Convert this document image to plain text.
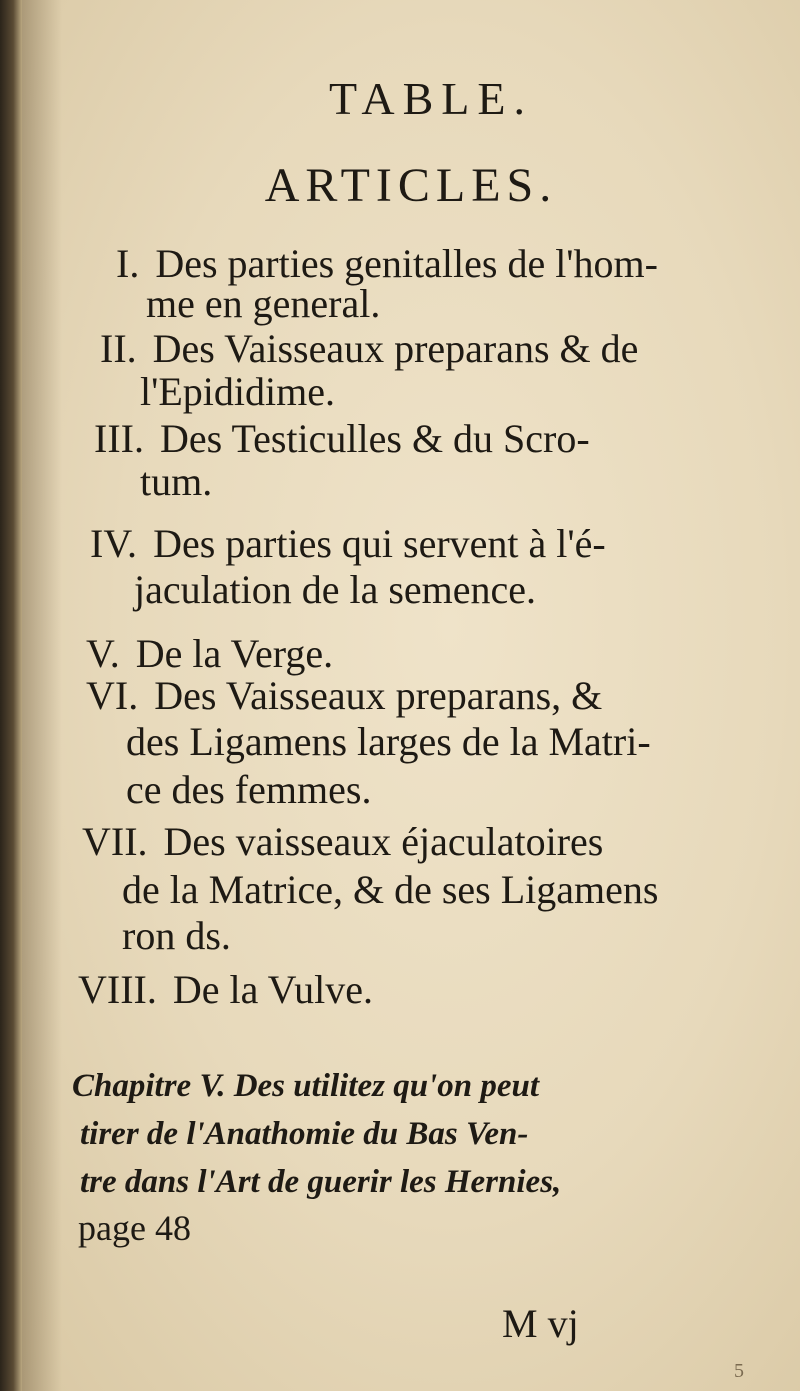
TABLE.
ARTICLES.
I. Des parties genitalles de l'hom-
me en general.
II. Des Vaisseaux preparans & de
l'Epididime.
III. Des Testiculles & du Scro-
tum.
IV. Des parties qui servent à l'é-
jaculation de la semence.
V. De la Verge.
VI. Des Vaisseaux preparans, &
des Ligamens larges de la Matri-
ce des femmes.
VII. Des vaisseaux éjaculatoires
de la Matrice, & de ses Ligamens
ron ds.
VIII. De la Vulve.
Chapitre V. Des utilitez qu'on peut
tirer de l'Anathomie du Bas Ven-
tre dans l'Art de guerir les Hernies,
page 48
M vj
5
